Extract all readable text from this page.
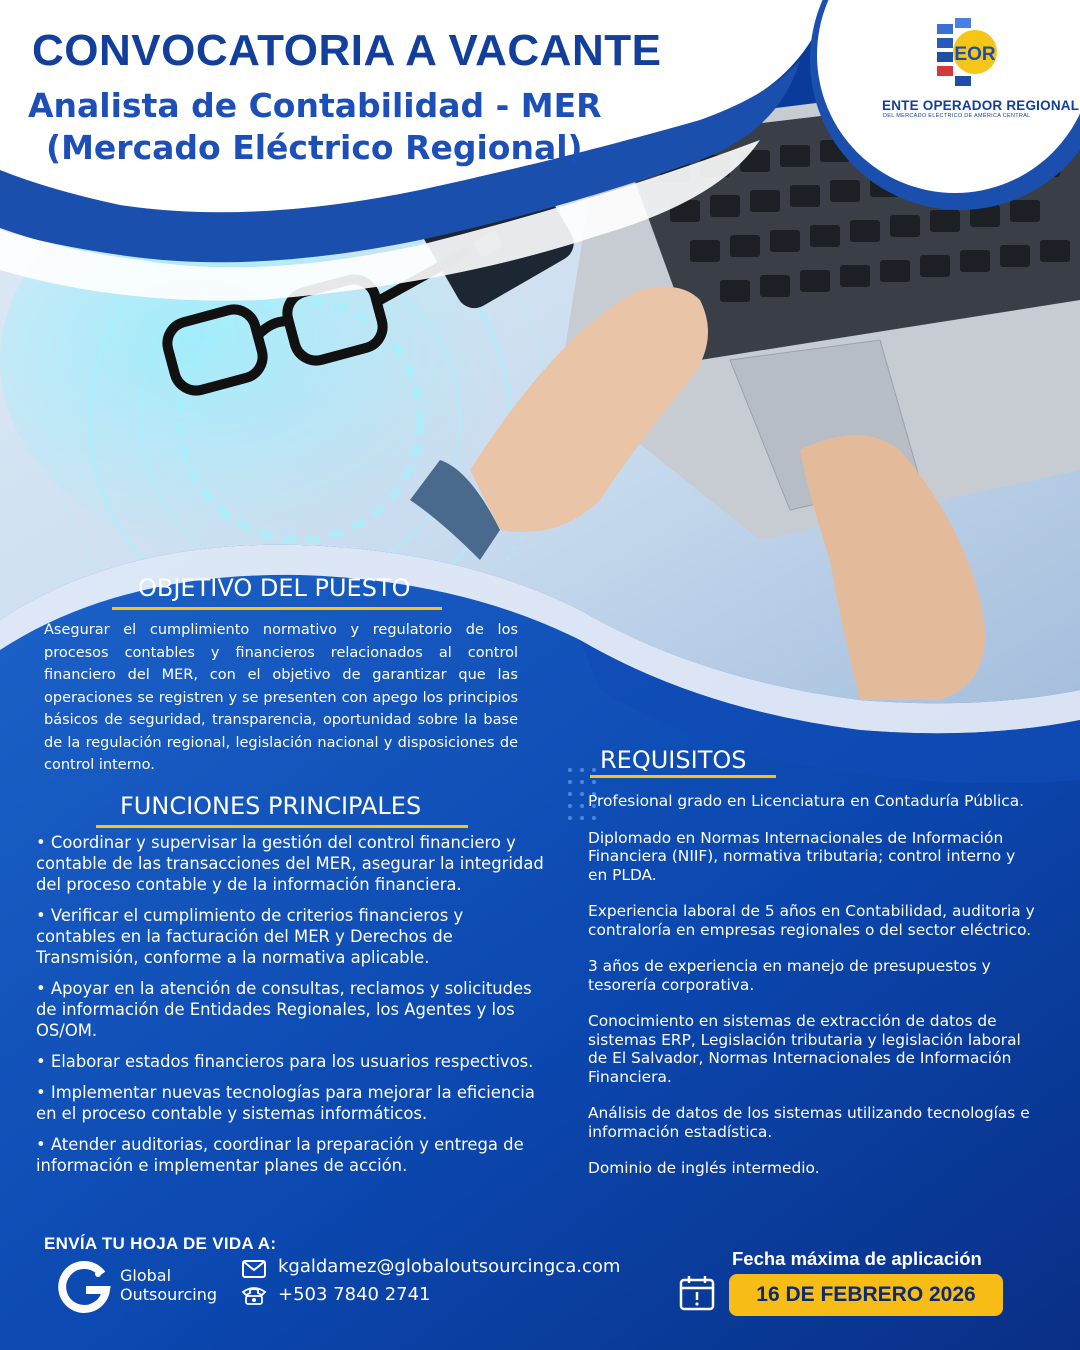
CONVOCATORIA A VACANTE
Analista de Contabilidad - MER
(Mercado Eléctrico Regional)
EOR
ENTE OPERADOR REGIONAL
DEL MERCADO ELÉCTRICO DE AMÉRICA CENTRAL
OBJETIVO DEL PUESTO
Asegurar el cumplimiento normativo y regulatorio de los procesos contables y financieros relacionados al control financiero del MER, con el objetivo de garantizar que las operaciones se registren y se presenten con apego los principios básicos de seguridad, transparencia, oportunidad sobre la base de la regulación regional, legislación nacional y disposiciones de control interno.
FUNCIONES PRINCIPALES
• Coordinar y supervisar la gestión del control financiero y contable de las transacciones del MER, asegurar la integridad del proceso contable y de la información financiera.
• Verificar el cumplimiento de criterios financieros y contables en la facturación del MER y Derechos de Transmisión, conforme a la normativa aplicable.
• Apoyar en la atención de consultas, reclamos y solicitudes de información de Entidades Regionales, los Agentes y los OS/OM.
• Elaborar estados financieros para los usuarios respectivos.
• Implementar nuevas tecnologías para mejorar la eficiencia en el proceso contable y sistemas informáticos.
• Atender auditorias, coordinar la preparación y entrega de información e implementar planes de acción.
REQUISITOS
Profesional grado en Licenciatura en Contaduría Pública.
Diplomado en Normas Internacionales de Información Financiera (NIIF), normativa tributaria; control interno y en PLDA.
Experiencia laboral de 5 años en Contabilidad, auditoria y contraloría en empresas regionales o del sector eléctrico.
3 años de experiencia en manejo de presupuestos y tesorería corporativa.
Conocimiento en sistemas de extracción de datos de sistemas ERP, Legislación tributaria y legislación laboral de El Salvador, Normas Internacionales de Información Financiera.
Análisis de datos de los sistemas utilizando tecnologías e información estadística.
Dominio de inglés intermedio.
ENVÍA TU HOJA DE VIDA A:
Global
Outsourcing
kgaldamez@globaloutsourcingca.com
+503 7840 2741
Fecha máxima de aplicación
16 DE FEBRERO 2026
